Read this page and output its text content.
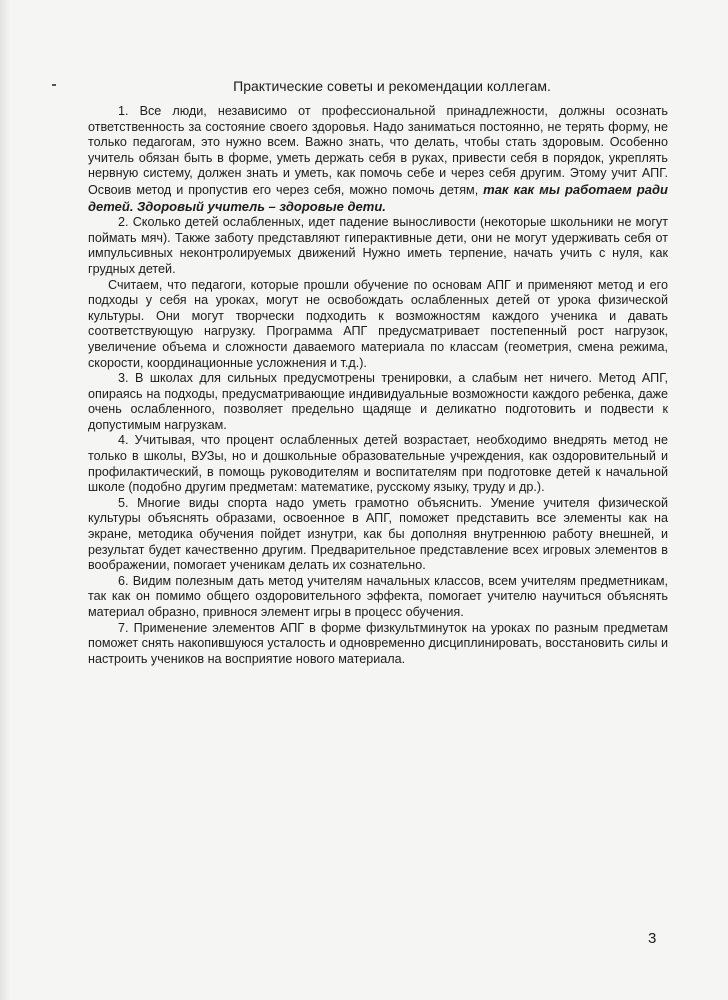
Практические советы и рекомендации коллегам.

1. Все люди, независимо от профессиональной принадлежности, должны осознать ответственность за состояние своего здоровья. Надо заниматься постоянно, не терять форму, не только педагогам, это нужно всем. Важно знать, что делать, чтобы стать здоровым. Особенно учитель обязан быть в форме, уметь держать себя в руках, привести себя в порядок, укреплять нервную систему, должен знать и уметь, как помочь себе и через себя другим. Этому учит АПГ. Освоив метод и пропустив его через себя, можно помочь детям, так как мы работаем ради детей. Здоровый учитель – здоровые дети.

2. Сколько детей ослабленных, идет падение выносливости (некоторые школьники не могут поймать мяч). Также заботу представляют гиперактивные дети, они не могут удерживать себя от импульсивных неконтролируемых движений Нужно иметь терпение, начать учить с нуля, как грудных детей.

Считаем, что педагоги, которые прошли обучение по основам АПГ и применяют метод и его подходы у себя на уроках, могут не освобождать ослабленных детей от урока физической культуры. Они могут творчески подходить к возможностям каждого ученика и давать соответствующую нагрузку. Программа АПГ предусматривает постепенный рост нагрузок, увеличение объема и сложности даваемого материала по классам (геометрия, смена режима, скорости, координационные усложнения и т.д.).

3. В школах для сильных предусмотрены тренировки, а слабым нет ничего. Метод АПГ, опираясь на подходы, предусматривающие индивидуальные возможности каждого ребенка, даже очень ослабленного, позволяет предельно щадяще и деликатно подготовить и подвести к допустимым нагрузкам.

4. Учитывая, что процент ослабленных детей возрастает, необходимо внедрять метод не только в школы, ВУЗы, но и дошкольные образовательные учреждения, как оздоровительный и профилактический, в помощь руководителям и воспитателям при подготовке детей к начальной школе (подобно другим предметам: математике, русскому языку, труду и др.).

5. Многие виды спорта надо уметь грамотно объяснить. Умение учителя физической культуры объяснять образами, освоенное в АПГ, поможет представить все элементы как на экране, методика обучения пойдет изнутри, как бы дополняя внутреннюю работу внешней, и результат будет качественно другим. Предварительное представление всех игровых элементов в воображении, помогает ученикам делать их сознательно.

6. Видим полезным дать метод учителям начальных классов, всем учителям предметникам, так как он помимо общего оздоровительного эффекта, помогает учителю научиться объяснять материал образно, привнося элемент игры в процесс обучения.

7. Применение элементов АПГ в форме физкультминуток на уроках по разным предметам поможет снять накопившуюся усталость и одновременно дисциплинировать, восстановить силы и настроить учеников на восприятие нового материала.

3
